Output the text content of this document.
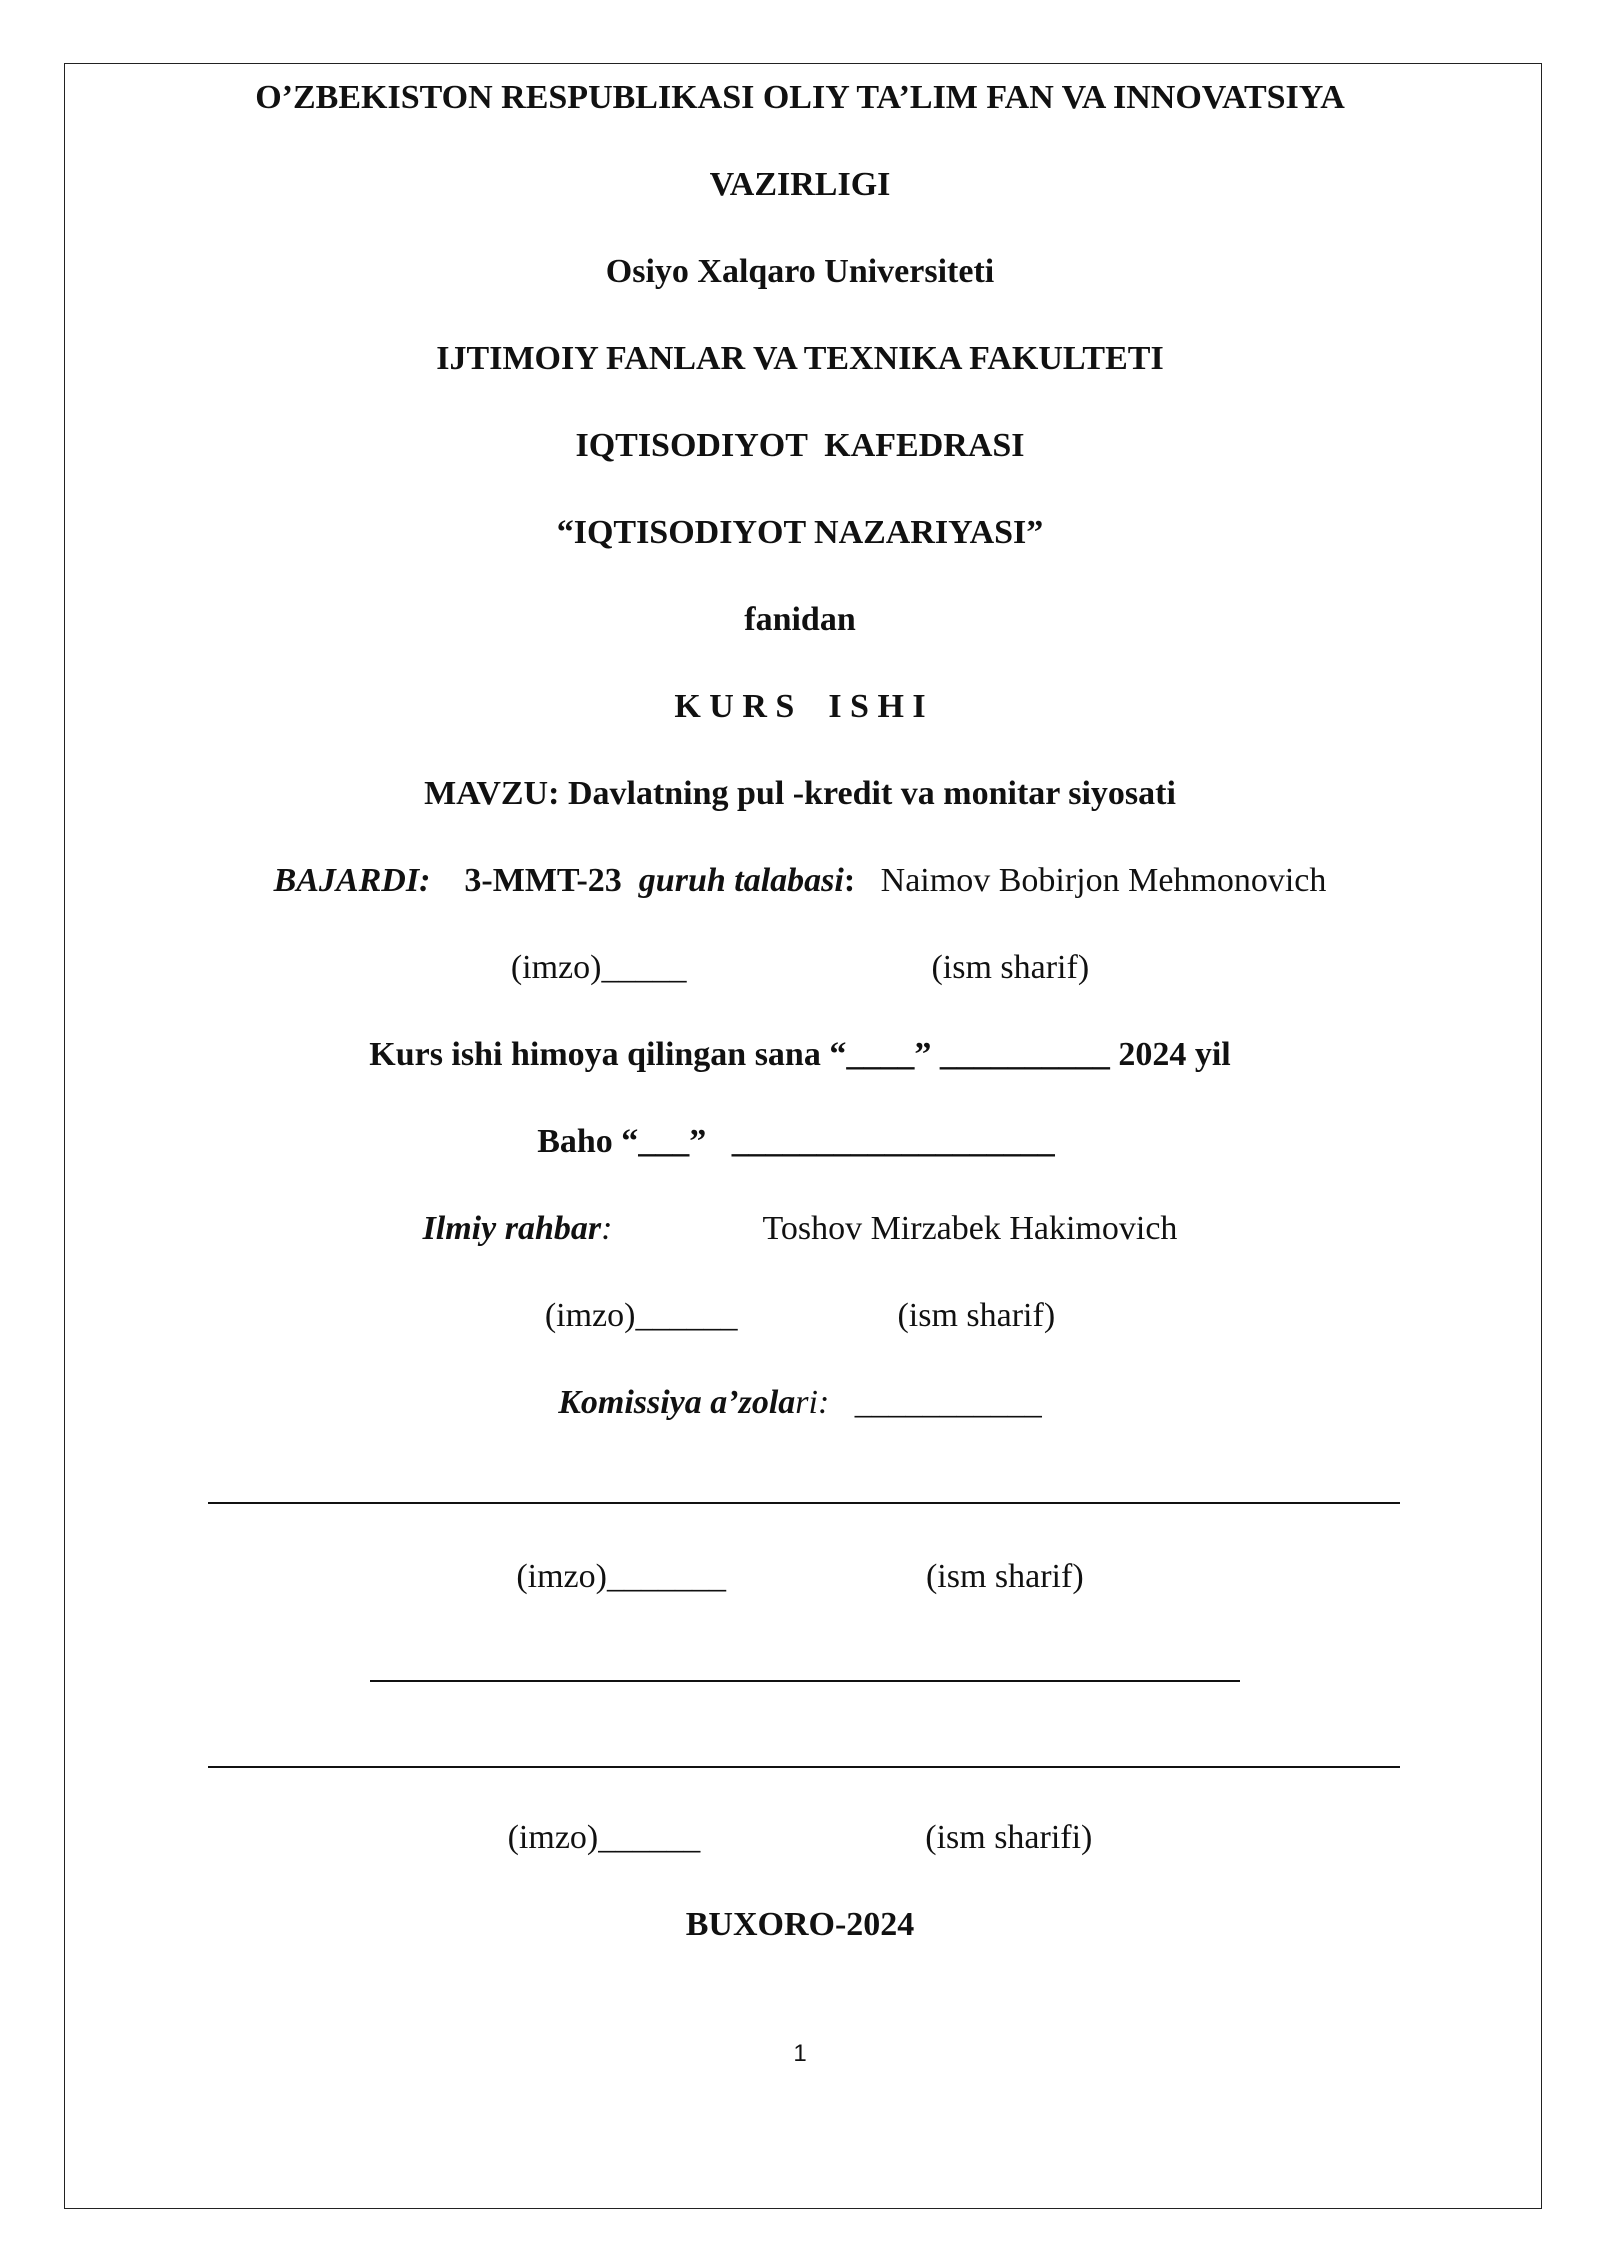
O’ZBEKISTON RESPUBLIKASI OLIY TA’LIM FAN VA INNOVATSIYA
VAZIRLIGI
Osiyo Xalqaro Universiteti
IJTIMOIY FANLAR VA TEXNIKA FAKULTETI
IQTISODIYOT  KAFEDRASI
“IQTISODIYOT NAZARIYASI”
fanidan
K U R S    I S H I
MAVZU: Davlatning pul -kredit va monitar siyosati
BAJARDI: 3-MMT-23 guruh talabasi: Naimov Bobirjon Mehmonovich
(imzo)_____	(ism sharif)
Kurs ishi himoya qilingan sana “____” __________ 2024 yil
Baho “___”   ___________________
Ilmiy rahbar:	Toshov Mirzabek Hakimovich
(imzo)______	(ism sharif)
Komissiya a’zolari: ___________
(imzo)_______	(ism sharif)
(imzo)______	(ism sharifi)
BUXORO-2024
1
